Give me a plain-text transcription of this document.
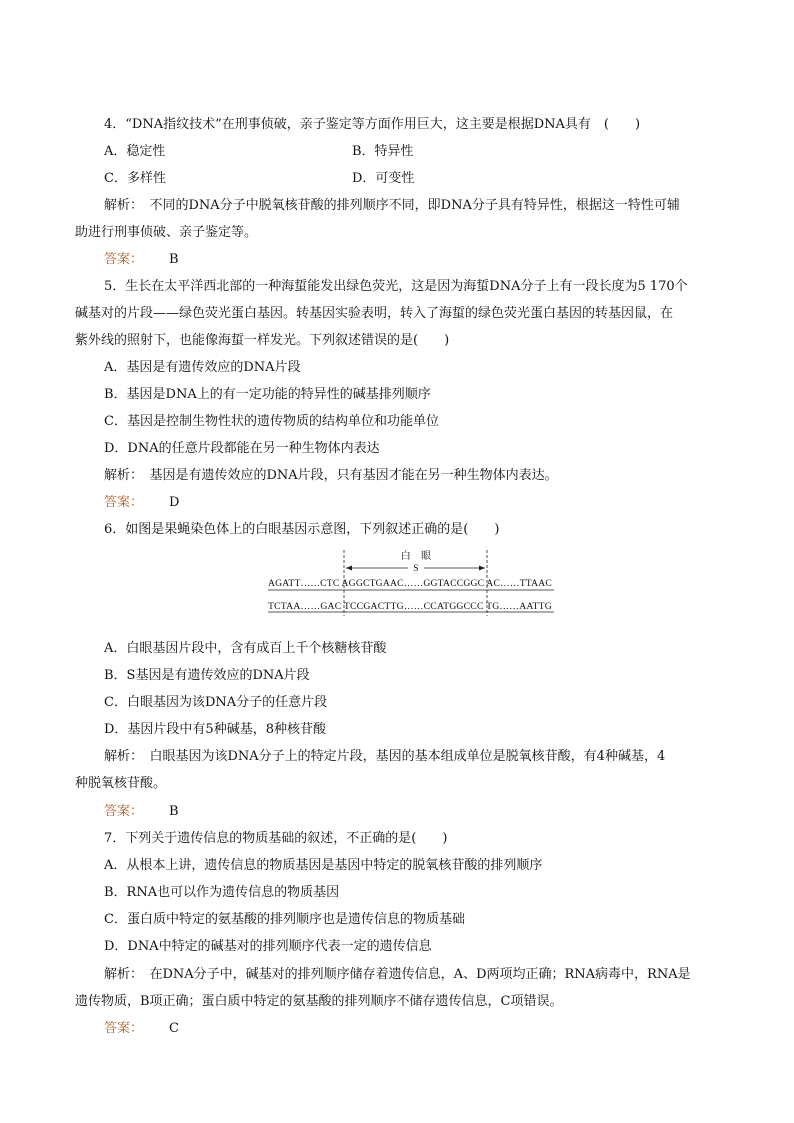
4．“DNA指纹技术”在刑事侦破，亲子鉴定等方面作用巨大，这主要是根据DNA具有　(　　)
A．稳定性	B．特异性
C．多样性	D．可变性
解析：　不同的DNA分子中脱氧核苷酸的排列顺序不同，即DNA分子具有特异性，根据这一特性可辅
助进行刑事侦破、亲子鉴定等。
答案： B
5．生长在太平洋西北部的一种海蜇能发出绿色荧光，这是因为海蜇DNA分子上有一段长度为5 170个
碱基对的片段——绿色荧光蛋白基因。转基因实验表明，转入了海蜇的绿色荧光蛋白基因的转基因鼠，在
紫外线的照射下，也能像海蜇一样发光。下列叙述错误的是(　　)
A．基因是有遗传效应的DNA片段
B．基因是DNA上的有一定功能的特异性的碱基排列顺序
C．基因是控制生物性状的遗传物质的结构单位和功能单位
D．DNA的任意片段都能在另一种生物体内表达
解析：　基因是有遗传效应的DNA片段，只有基因才能在另一种生物体内表达。
答案： D
6．如图是果蝇染色体上的白眼基因示意图，下列叙述正确的是(　　)
白　眼
S
AGATT……CTC AGGCTGAAC……GGTACCGGC AC……TTAAC
TCTAA……GAC TCCGACTTG……CCATGGCCC TG……AATTG
A．白眼基因片段中，含有成百上千个核糖核苷酸
B．S基因是有遗传效应的DNA片段
C．白眼基因为该DNA分子的任意片段
D．基因片段中有5种碱基，8种核苷酸
解析：　白眼基因为该DNA分子上的特定片段，基因的基本组成单位是脱氧核苷酸，有4种碱基，4
种脱氧核苷酸。
答案： B
7．下列关于遗传信息的物质基础的叙述，不正确的是(　　)
A．从根本上讲，遗传信息的物质基因是基因中特定的脱氧核苷酸的排列顺序
B．RNA也可以作为遗传信息的物质基因
C．蛋白质中特定的氨基酸的排列顺序也是遗传信息的物质基础
D．DNA中特定的碱基对的排列顺序代表一定的遗传信息
解析：　在DNA分子中，碱基对的排列顺序储存着遗传信息，A、D两项均正确；RNA病毒中，RNA是
遗传物质，B项正确；蛋白质中特定的氨基酸的排列顺序不储存遗传信息，C项错误。
答案： C
